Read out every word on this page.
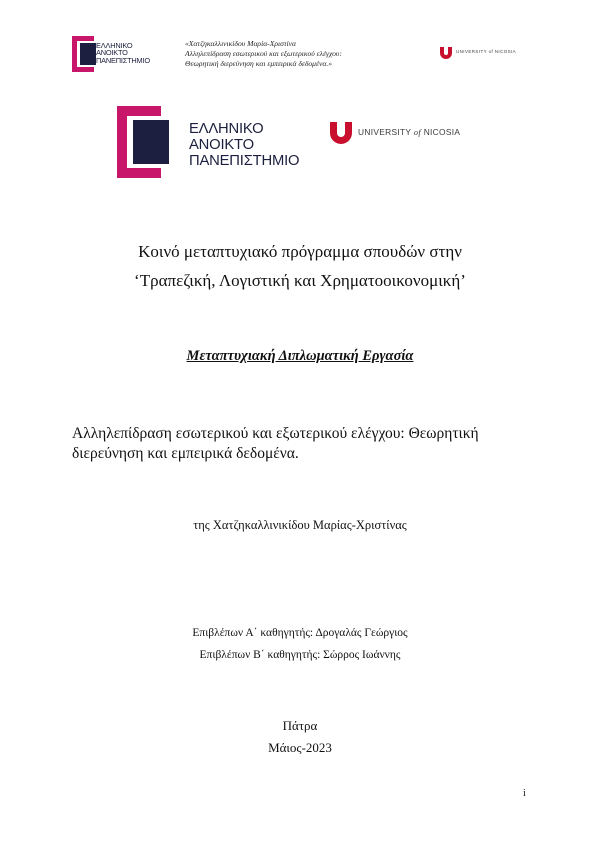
ΕΛΛΗΝΙΚΟ
ΑΝΟΙΚΤΟ
ΠΑΝΕΠΙΣΤΗΜΙΟ
«Χατζηκαλλινικίδου Μαρία-Χριστίνα
Αλληλεπίδραση εσωτερικού και εξωτερικού ελέγχου:
Θεωρητική διερεύνηση και εμπειρικά δεδομένα.»
UNIVERSITY of NICOSIA
ΕΛΛΗΝΙΚΟ
ΑΝΟΙΚΤΟ
ΠΑΝΕΠΙΣΤΗΜΙΟ
UNIVERSITY of NICOSIA
Κοινό μεταπτυχιακό πρόγραμμα σπουδών στην
‘Τραπεζική, Λογιστική και Χρηματοοικονομική’
Μεταπτυχιακή Διπλωματική Εργασία
Αλληλεπίδραση εσωτερικού και εξωτερικού ελέγχου: Θεωρητική
διερεύνηση και εμπειρικά δεδομένα.
της Χατζηκαλλινικίδου Μαρίας-Χριστίνας
Επιβλέπων Α΄ καθηγητής: Δρογαλάς Γεώργιος
Επιβλέπων Β΄ καθηγητής: Σώρρος Ιωάννης
Πάτρα
Μάιος-2023
i
